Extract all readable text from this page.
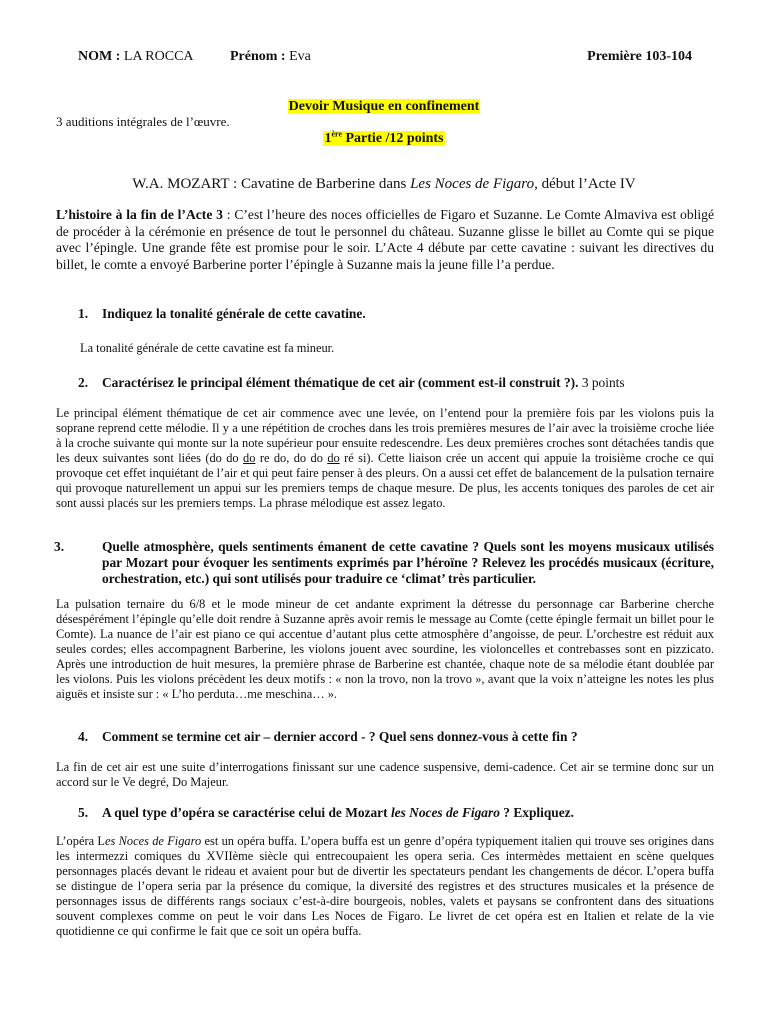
NOM : LA ROCCA	Prénom : Eva	Première 103-104
Devoir Musique en confinement
3 auditions intégrales de l’œuvre.
1ère Partie /12 points
W.A. MOZART : Cavatine de Barberine dans Les Noces de Figaro, début l’Acte IV
L’histoire à la fin de l’Acte 3 : C’est l’heure des noces officielles de Figaro et Suzanne. Le Comte Almaviva est obligé de procéder à la cérémonie en présence de tout le personnel du château. Suzanne glisse le billet au Comte qui se pique avec l’épingle. Une grande fête est promise pour le soir. L’Acte 4 débute par cette cavatine : suivant les directives du billet, le comte a envoyé Barberine porter l’épingle à Suzanne mais la jeune fille l’a perdue.
1. Indiquez la tonalité générale de cette cavatine.
La tonalité générale de cette cavatine est fa mineur.
2. Caractérisez le principal élément thématique de cet air (comment est-il construit ?). 3 points
Le principal élément thématique de cet air commence avec une levée, on l’entend pour la première fois par les violons puis la soprane reprend cette mélodie. Il y a une répétition de croches dans les trois premières mesures de l’air avec la troisième croche liée à la croche suivante qui monte sur la note supérieur pour ensuite redescendre. Les deux premières croches sont détachées tandis que les deux suivantes sont liées (do do do re do, do do do ré si). Cette liaison crée un accent qui appuie la troisième croche ce qui provoque cet effet inquiétant de l’air et qui peut faire penser à des pleurs. On a aussi cet effet de balancement de la pulsation ternaire qui provoque naturellement un appui sur les premiers temps de chaque mesure. De plus, les accents toniques des paroles de cet air sont aussi placés sur les premiers temps. La phrase mélodique est assez legato.
3.	Quelle atmosphère, quels sentiments émanent de cette cavatine ? Quels sont les moyens musicaux utilisés par Mozart pour évoquer les sentiments exprimés par l’héroïne ? Relevez les procédés musicaux (écriture, orchestration, etc.) qui sont utilisés pour traduire ce ‘climat’ très particulier.
La pulsation ternaire du 6/8 et le mode mineur de cet andante expriment la détresse du personnage car Barberine cherche désespérément l’épingle qu’elle doit rendre à Suzanne après avoir remis le message au Comte (cette épingle fermait un billet pour le Comte). La nuance de l’air est piano ce qui accentue d’autant plus cette atmosphère d’angoisse, de peur. L’orchestre est réduit aux seules cordes; elles accompagnent Barberine, les violons jouent avec sourdine, les violoncelles et contrebasses sont en pizzicato. Après une introduction de huit mesures, la première phrase de Barberine est chantée, chaque note de sa mélodie étant doublée par les violons. Puis les violons précèdent les deux motifs : « non la trovo, non la trovo », avant que la voix n’atteigne les notes les plus aiguës et insiste sur : « L’ho perduta…me meschina… ».
4. Comment se termine cet air – dernier accord - ? Quel sens donnez-vous à cette fin ?
La fin de cet air est une suite d’interrogations finissant sur une cadence suspensive, demi-cadence. Cet air se termine donc sur un accord sur le Ve degré, Do Majeur.
5. A quel type d’opéra se caractérise celui de Mozart les Noces de Figaro ? Expliquez.
L’opéra Les Noces de Figaro est un opéra buffa. L’opera buffa est un genre d’opéra typiquement italien qui trouve ses origines dans les intermezzi comiques du XVIIème siècle qui entrecoupaient les opera seria. Ces intermèdes mettaient en scène quelques personnages placés devant le rideau et avaient pour but de divertir les spectateurs pendant les changements de décor. L’opera buffa se distingue de l’opera seria par la présence du comique, la diversité des registres et des structures musicales et la présence de personnages issus de différents rangs sociaux c’est-à-dire bourgeois, nobles, valets et paysans se confrontent dans des situations souvent complexes comme on peut le voir dans Les Noces de Figaro. Le livret de cet opéra est en Italien et relate de la vie quotidienne ce qui confirme le fait que ce soit un opéra buffa.
